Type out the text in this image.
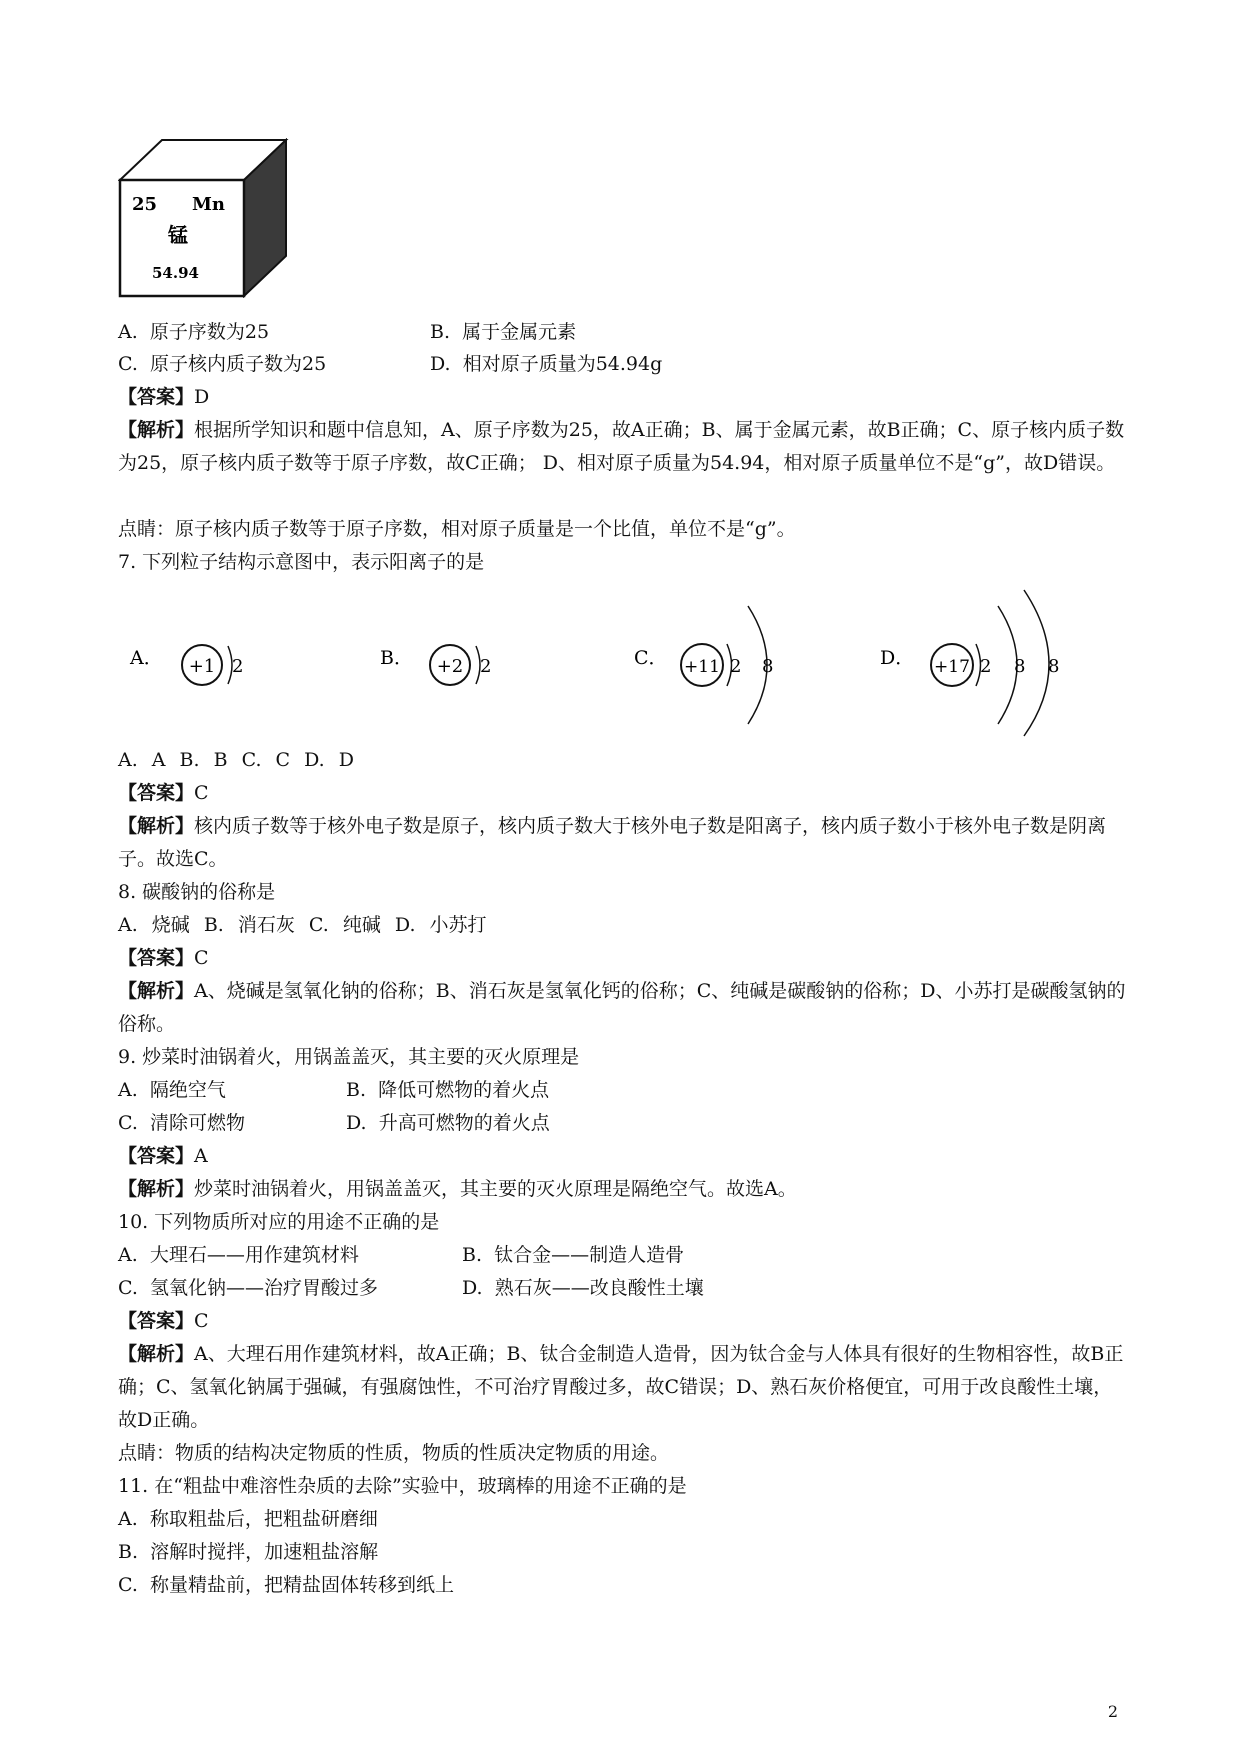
25 Mn
锰
54.94
A. 原子序数为25	B. 属于金属元素
C. 原子核内质子数为25	D. 相对原子质量为54.94g
【答案】D
【解析】根据所学知识和题中信息知，A、原子序数为25，故A正确；B、属于金属元素，故B正确；C、原子核内质子数为25，原子核内质子数等于原子序数，故C正确； D、相对原子质量为54.94，相对原子质量单位不是“g”，故D错误。
点睛：原子核内质子数等于原子序数，相对原子质量是一个比值，单位不是“g”。
7. 下列粒子结构示意图中，表示阳离子的是
A． +1 2	B． +2 2	C． +11 2 8	D． +17 2 8 8
A. A B. B C. C D. D
【答案】C
【解析】核内质子数等于核外电子数是原子，核内质子数大于核外电子数是阳离子，核内质子数小于核外电子数是阴离子。故选C。
8. 碳酸钠的俗称是
A. 烧碱 B. 消石灰 C. 纯碱 D. 小苏打
【答案】C
【解析】A、烧碱是氢氧化钠的俗称；B、消石灰是氢氧化钙的俗称；C、纯碱是碳酸钠的俗称；D、小苏打是碳酸氢钠的俗称。
9. 炒菜时油锅着火，用锅盖盖灭，其主要的灭火原理是
A. 隔绝空气	B. 降低可燃物的着火点
C. 清除可燃物	D. 升高可燃物的着火点
【答案】A
【解析】炒菜时油锅着火，用锅盖盖灭，其主要的灭火原理是隔绝空气。故选A。
10. 下列物质所对应的用途不正确的是
A. 大理石——用作建筑材料	B. 钛合金——制造人造骨
C. 氢氧化钠——治疗胃酸过多	D. 熟石灰——改良酸性土壤
【答案】C
【解析】A、大理石用作建筑材料，故A正确；B、钛合金制造人造骨，因为钛合金与人体具有很好的生物相容性，故B正确；C、氢氧化钠属于强碱，有强腐蚀性，不可治疗胃酸过多，故C错误；D、熟石灰价格便宜，可用于改良酸性土壤，故D正确。
点睛：物质的结构决定物质的性质，物质的性质决定物质的用途。
11. 在“粗盐中难溶性杂质的去除”实验中，玻璃棒的用途不正确的是
A. 称取粗盐后，把粗盐研磨细
B. 溶解时搅拌，加速粗盐溶解
C. 称量精盐前，把精盐固体转移到纸上
2
